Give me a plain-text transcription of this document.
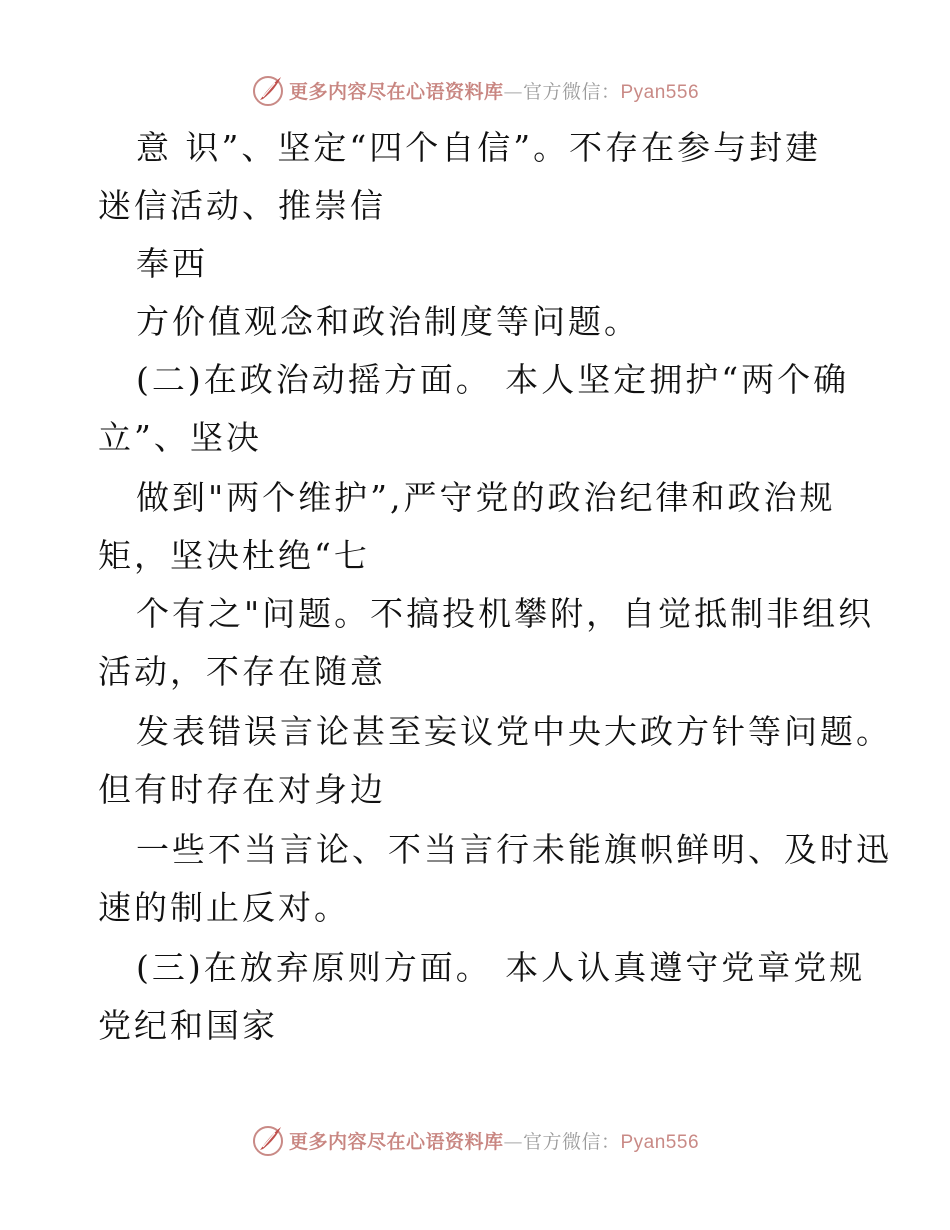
更多内容尽在心语资料库—官方微信：Pyan556
意 识”、坚定“四个自信”。不存在参与封建
迷信活动、推崇信
奉西
方价值观念和政治制度等问题。
(二)在政治动摇方面。 本人坚定拥护“两个确
立”、坚决
做到"两个维护”,严守党的政治纪律和政治规
矩，坚决杜绝“七
个有之"问题。不搞投机攀附，自觉抵制非组织
活动，不存在随意
发表错误言论甚至妄议党中央大政方针等问题。
但有时存在对身边
一些不当言论、不当言行未能旗帜鲜明、及时迅
速的制止反对。
(三)在放弃原则方面。 本人认真遵守党章党规
党纪和国家
更多内容尽在心语资料库—官方微信：Pyan556
